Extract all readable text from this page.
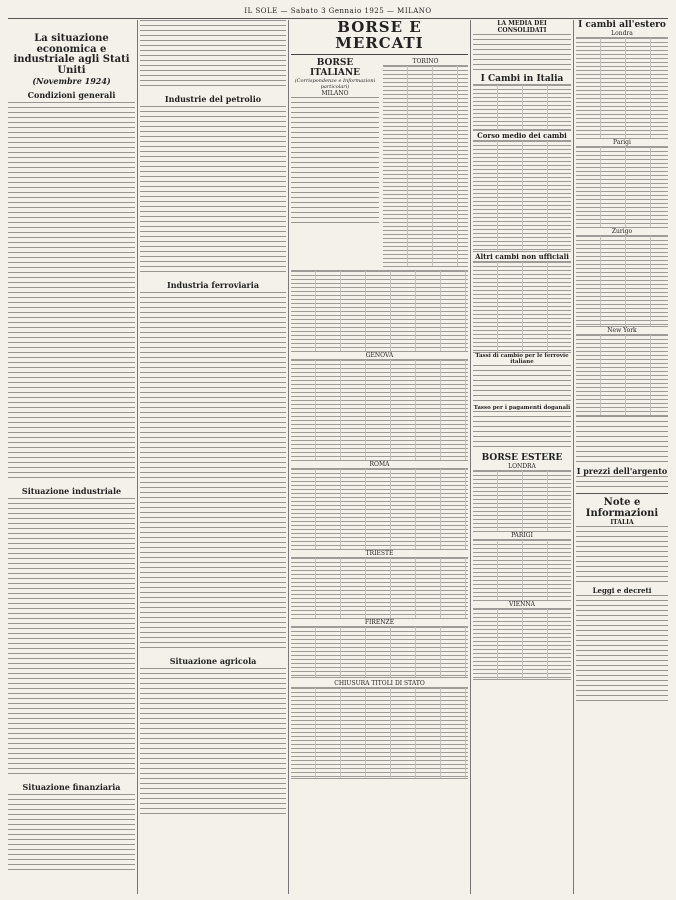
IL SOLE — Sabato 3 Gennaio 1925 — MILANO
La situazione economica e industriale agli Stati Uniti
(Novembre 1924)
Condizioni generali
Situazione industriale
Situazione finanziaria
Industrie del petrolio
Industria ferroviaria
Situazione agricola
BORSE E MERCATI
BORSE ITALIANE
(Corrispondenze e Informazioni particolari)
MILANO
TORINO
GENOVA
ROMA
TRIESTE
FIRENZE
CHIUSURA TITOLI DI STATO
LA MEDIA DEI CONSOLIDATI
I Cambi in Italia
Corso medio dei cambi
Altri cambi non ufficiali
Tassi di cambio per le ferrovie italiane
Tasso per i pagamenti doganali
BORSE ESTERE
LONDRA
PARIGI
VIENNA
I cambi all'estero
Londra
Parigi
Zurigo
New York
I prezzi dell'argento
Note e Informazioni
ITALIA
Leggi e decreti
